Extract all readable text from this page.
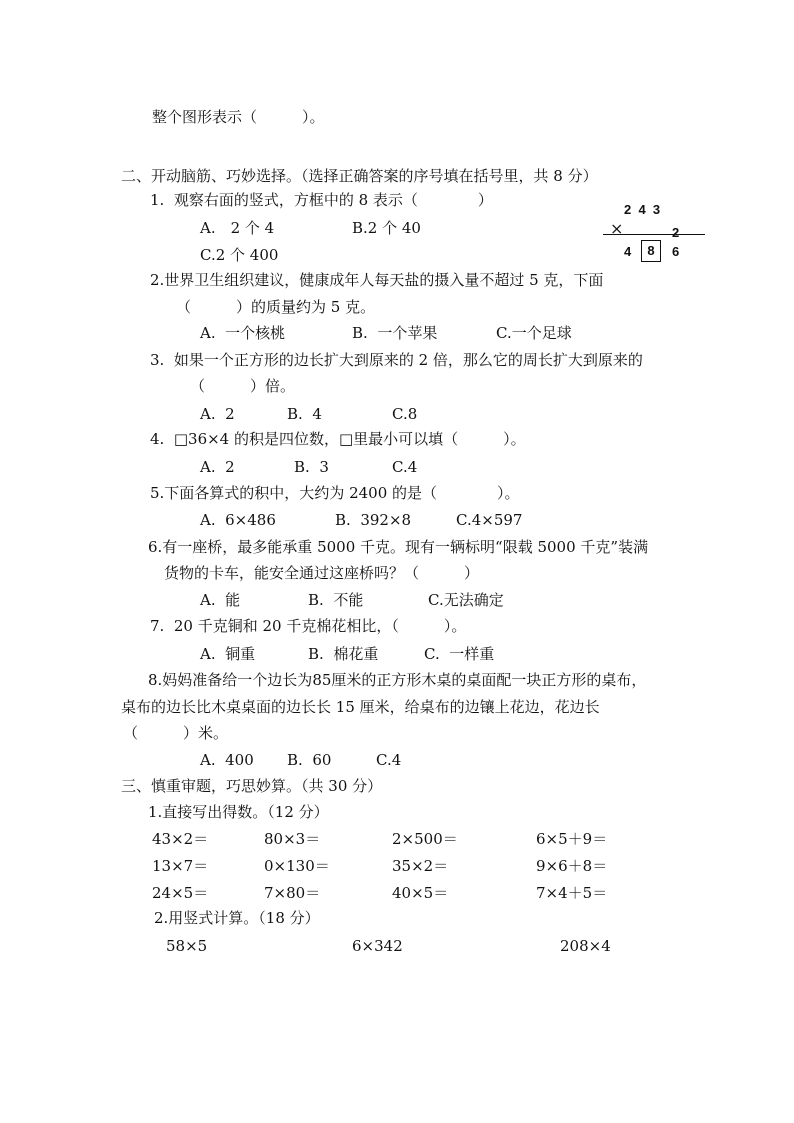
整个图形表示（　　　）。
二、开动脑筋、巧妙选择。（选择正确答案的序号填在括号里，共 8 分）
1.  观察右面的竖式，方框中的 8 表示（　　　　）
A.　2 个 4	B.2 个 40
C.2 个 400
2  4  3
×	2
4	8	6
2.世界卫生组织建议，健康成年人每天盐的摄入量不超过 5 克，下面
（　　　）的质量约为 5 克。
A.  一个核桃	B.  一个苹果	C.一个足球
3.  如果一个正方形的边长扩大到原来的 2 倍，那么它的周长扩大到原来的
（　　　）倍。
A.  2	B.  4	C.8
4.  □36×4 的积是四位数，□里最小可以填（　　　）。
A.  2	B.  3	C.4
5.下面各算式的积中，大约为 2400 的是（　　　　）。
A.  6×486	B.  392×8	C.4×597
6.有一座桥，最多能承重 5000 千克。现有一辆标明“限载 5000 千克”装满
货物的卡车，能安全通过这座桥吗？（　　　）
A.  能	B.  不能	C.无法确定
7.  20 千克铜和 20 千克棉花相比，（　　　）。
A.  铜重	B.  棉花重	C.  一样重
8.妈妈准备给一个边长为85厘米的正方形木桌的桌面配一块正方形的桌布，
桌布的边长比木桌桌面的边长长 15 厘米，给桌布的边镶上花边，花边长
（　　　）米。
A.  400 B.  60	C.4
三、慎重审题，巧思妙算。（共 30 分）
1.直接写出得数。（12 分）
43×2＝	80×3＝	2×500＝	6×5＋9＝
13×7＝	0×130＝	35×2＝	9×6＋8＝
24×5＝	7×80＝	40×5＝	7×4＋5＝
2.用竖式计算。（18 分）
58×5	6×342	208×4
